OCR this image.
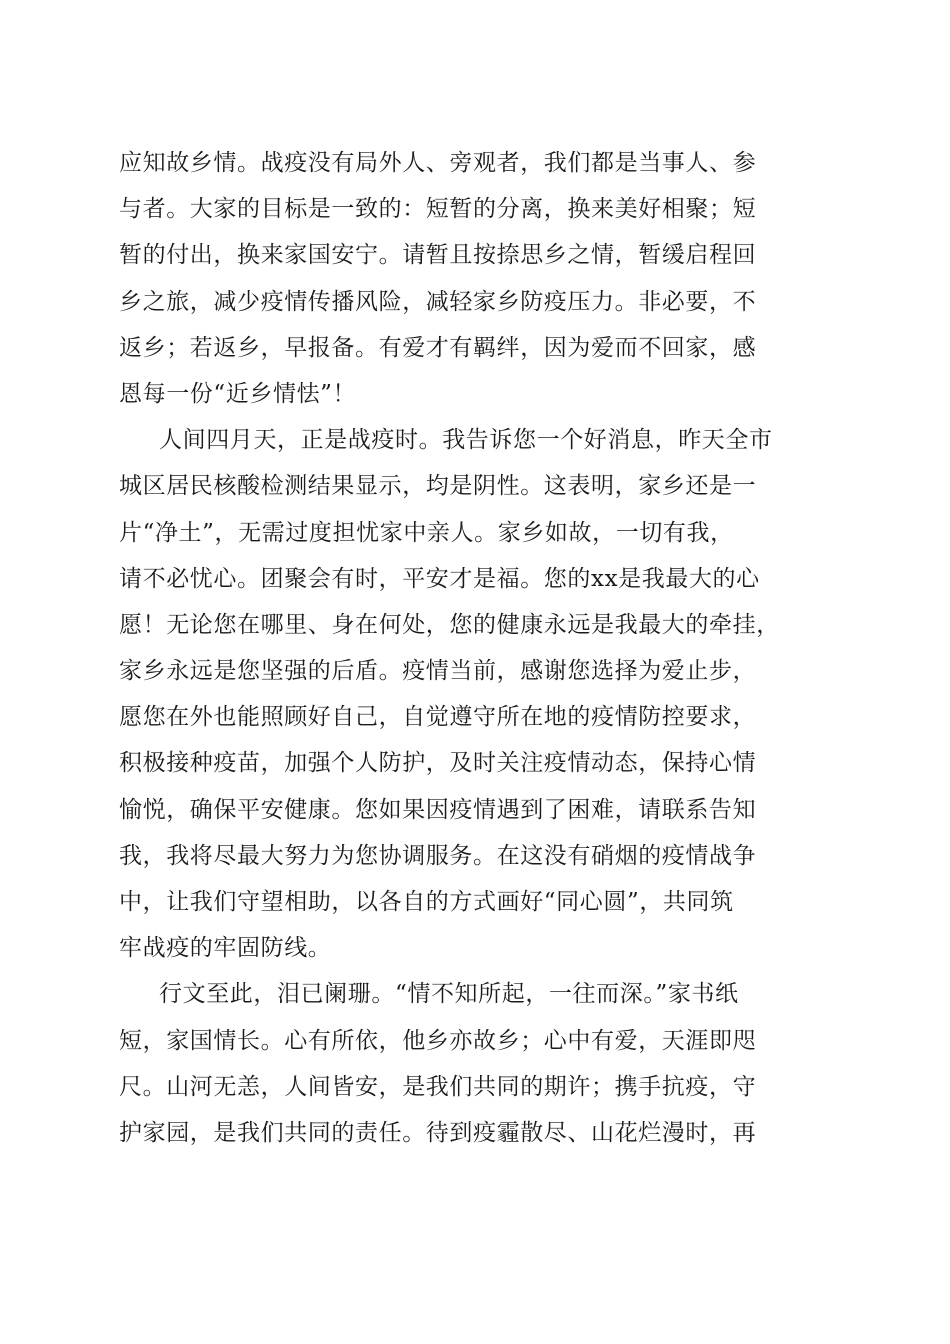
应知故乡情。战疫没有局外人、旁观者，我们都是当事人、参
与者。大家的目标是一致的：短暂的分离，换来美好相聚；短
暂的付出，换来家国安宁。请暂且按捺思乡之情，暂缓启程回
乡之旅，减少疫情传播风险，减轻家乡防疫压力。非必要，不
返乡；若返乡，早报备。有爱才有羁绊，因为爱而不回家，感
恩每一份“近乡情怯”！
人间四月天，正是战疫时。我告诉您一个好消息，昨天全市
城区居民核酸检测结果显示，均是阴性。这表明，家乡还是一
片“净土”，无需过度担忧家中亲人。家乡如故，一切有我，
请不必忧心。团聚会有时，平安才是福。您的xx是我最大的心
愿！无论您在哪里、身在何处，您的健康永远是我最大的牵挂，
家乡永远是您坚强的后盾。疫情当前，感谢您选择为爱止步，
愿您在外也能照顾好自己，自觉遵守所在地的疫情防控要求，
积极接种疫苗，加强个人防护，及时关注疫情动态，保持心情
愉悦，确保平安健康。您如果因疫情遇到了困难，请联系告知
我，我将尽最大努力为您协调服务。在这没有硝烟的疫情战争
中，让我们守望相助，以各自的方式画好“同心圆”，共同筑
牢战疫的牢固防线。
行文至此，泪已阑珊。“情不知所起，一往而深。”家书纸
短，家国情长。心有所依，他乡亦故乡；心中有爱，天涯即咫
尺。山河无恙，人间皆安，是我们共同的期许；携手抗疫，守
护家园，是我们共同的责任。待到疫霾散尽、山花烂漫时，再
